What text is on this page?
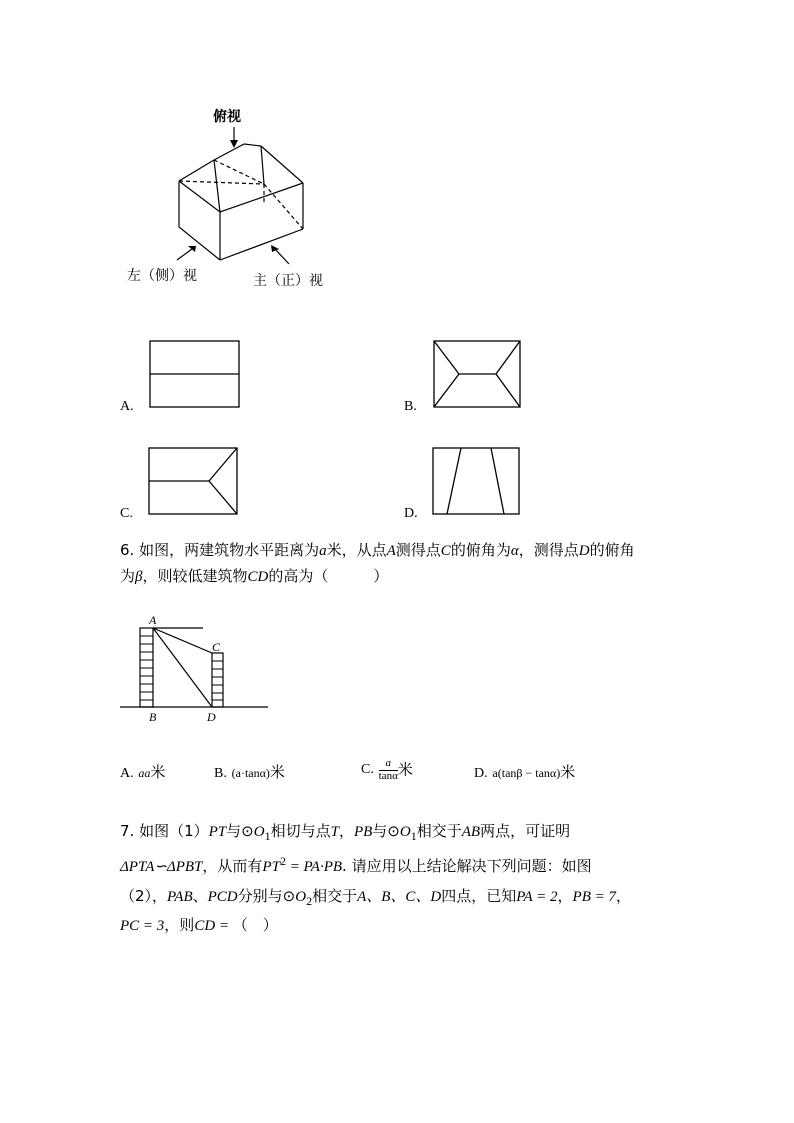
俯视
左（侧）视	主（正）视
A.	B.
C.	D.
6. 如图，两建筑物水平距离为a米，从点A测得点C的俯角为α，测得点D的俯角
为β，则较低建筑物CD的高为（　　　）
A
C
B	D
A. aa米	B. (a·tanα)米	C. $\frac{a}{\tan\alpha}$ 米	D. a(tanβ − tanα)米
7. 如图（1）PT与$⊙O_1$相切与点T，PB与$⊙O_1$相交于AB两点，可证明
ΔPTA∽ΔPBT，从而有$PT^2 = PA\cdot PB$. 请应用以上结论解决下列问题：如图
（2），PAB、PCD分别与$⊙O_2$相交于A、B、C、D四点，已知PA = 2，PB = 7，
PC = 3，则CD = （　）
